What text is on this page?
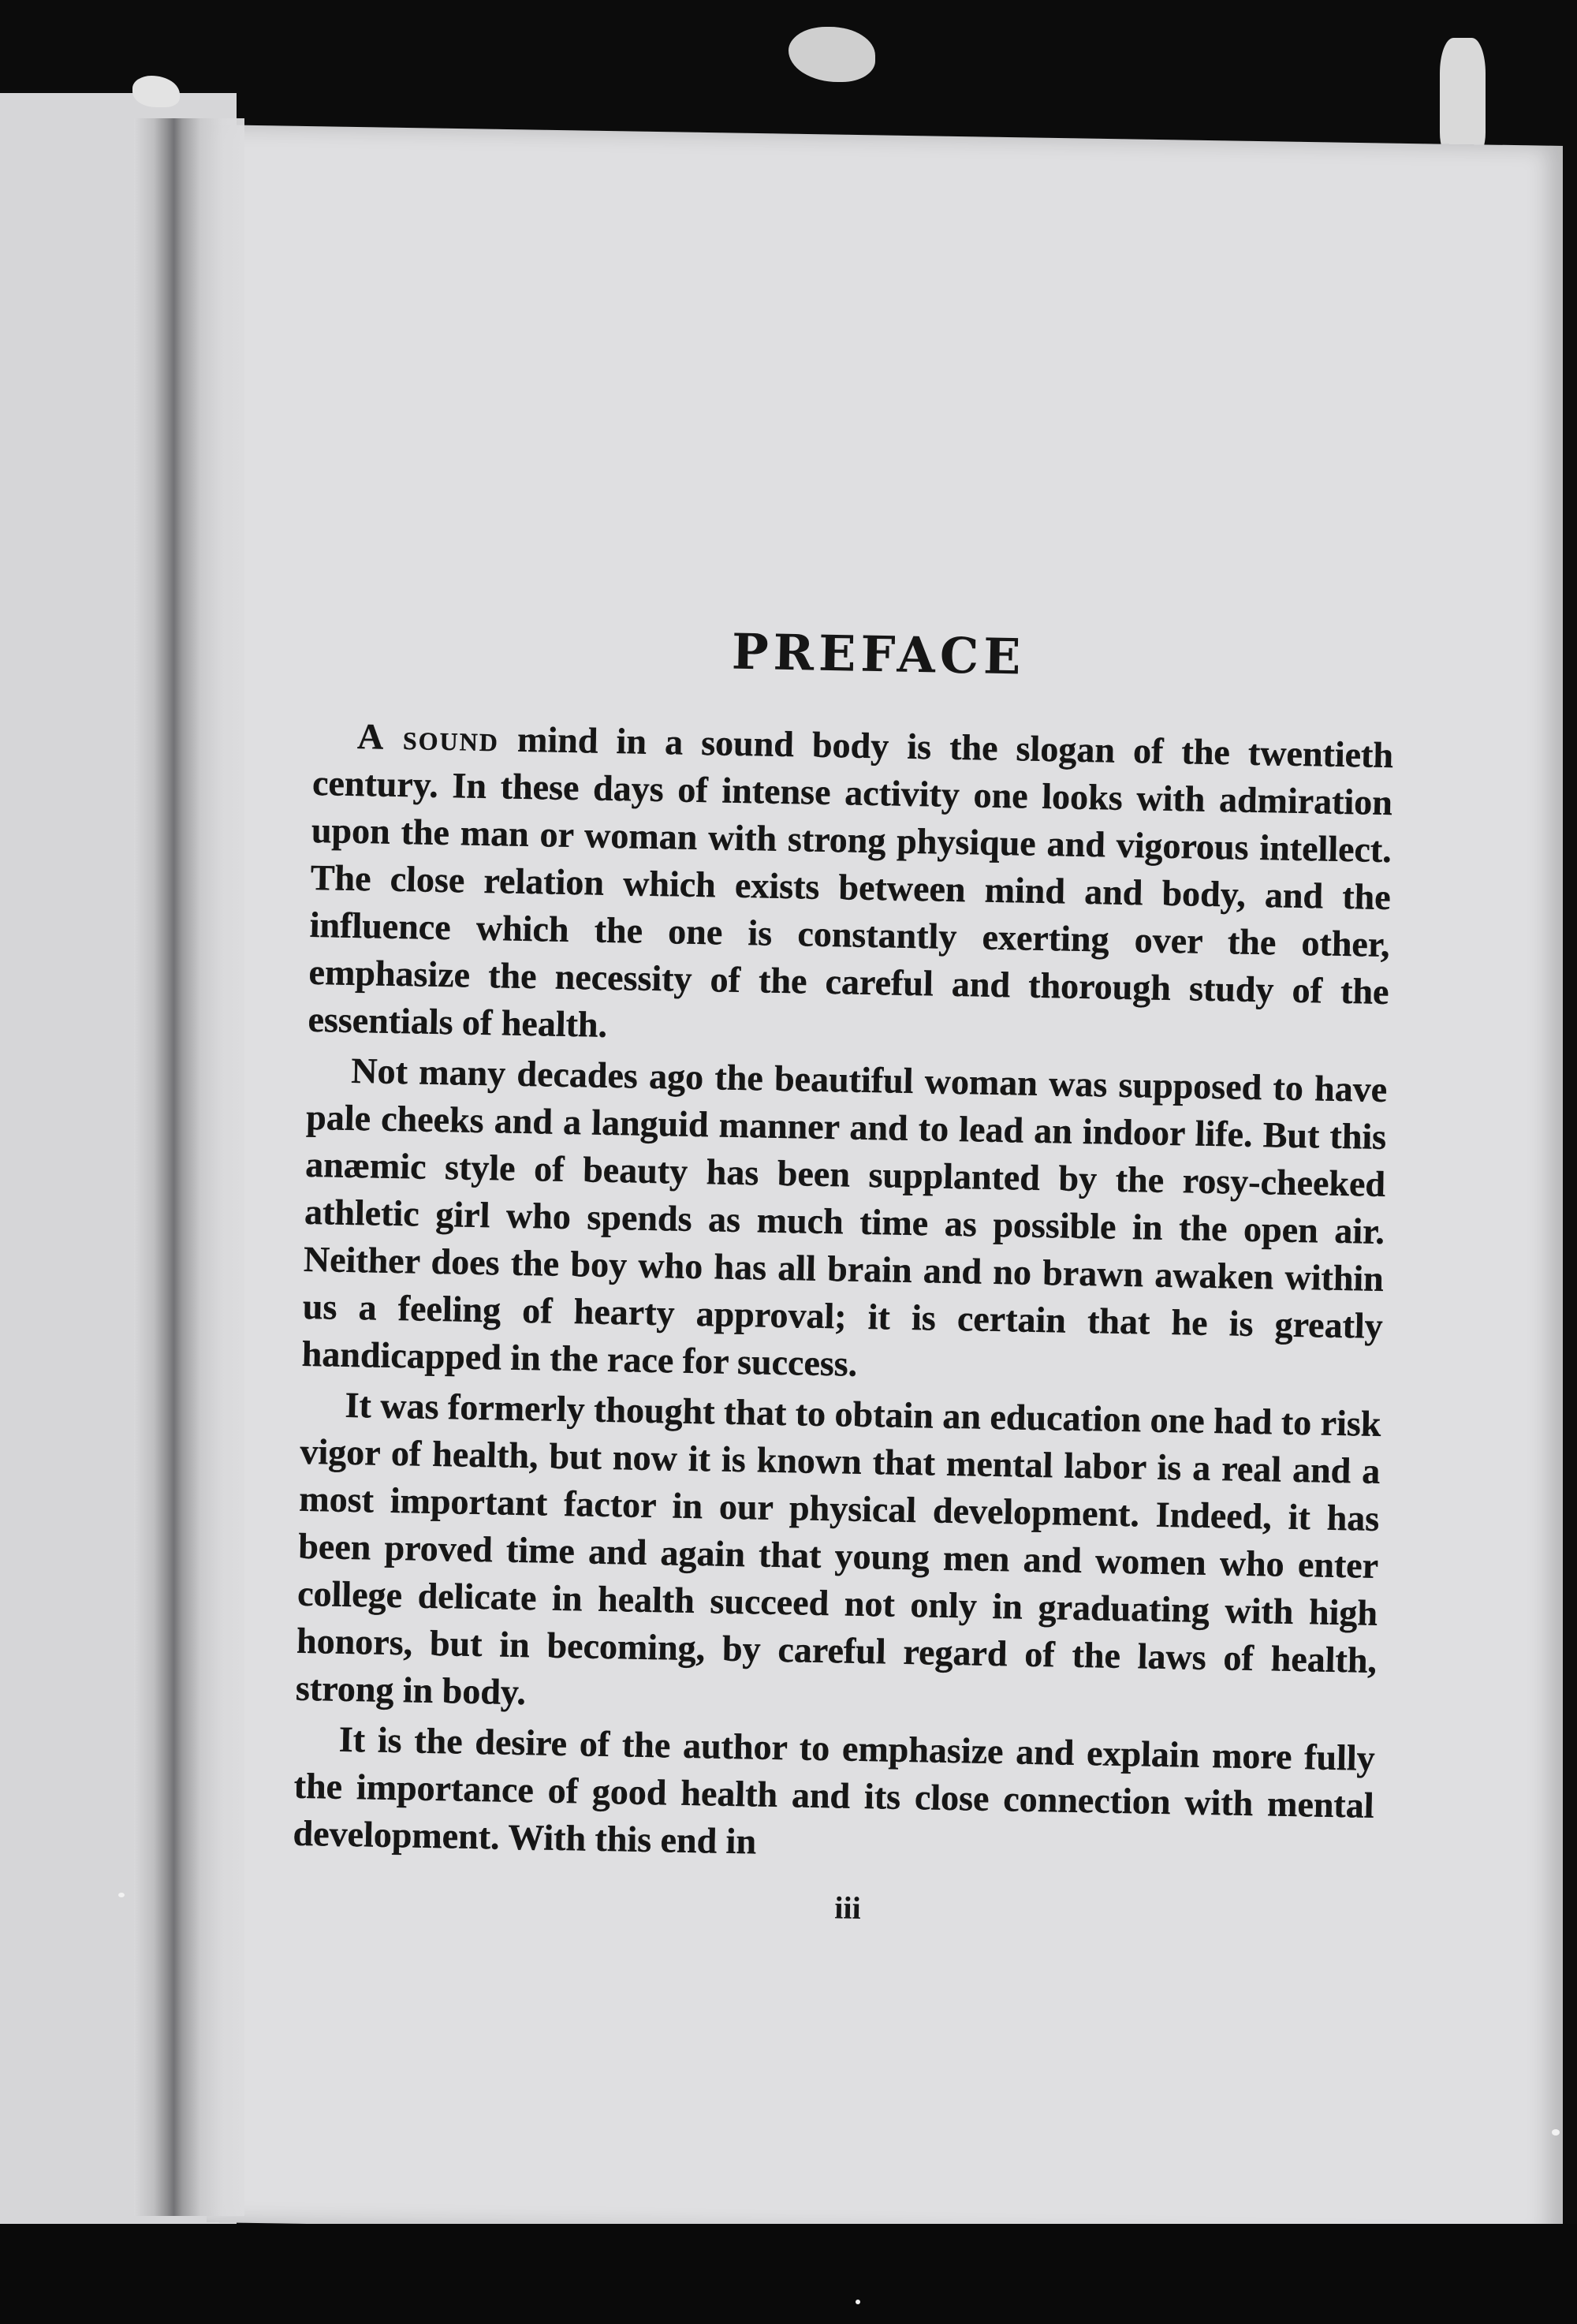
PREFACE

A sound mind in a sound body is the slogan of the twentieth century. In these days of intense activity one looks with admiration upon the man or woman with strong physique and vigorous intellect. The close relation which exists between mind and body, and the influence which the one is constantly exerting over the other, emphasize the necessity of the careful and thorough study of the essentials of health.

Not many decades ago the beautiful woman was supposed to have pale cheeks and a languid manner and to lead an indoor life. But this anæmic style of beauty has been supplanted by the rosy-cheeked athletic girl who spends as much time as possible in the open air. Neither does the boy who has all brain and no brawn awaken within us a feeling of hearty approval; it is certain that he is greatly handicapped in the race for success.

It was formerly thought that to obtain an education one had to risk vigor of health, but now it is known that mental labor is a real and a most important factor in our physical development. Indeed, it has been proved time and again that young men and women who enter college delicate in health succeed not only in graduating with high honors, but in becoming, by careful regard of the laws of health, strong in body.

It is the desire of the author to emphasize and explain more fully the importance of good health and its close connection with mental development. With this end in

iii
